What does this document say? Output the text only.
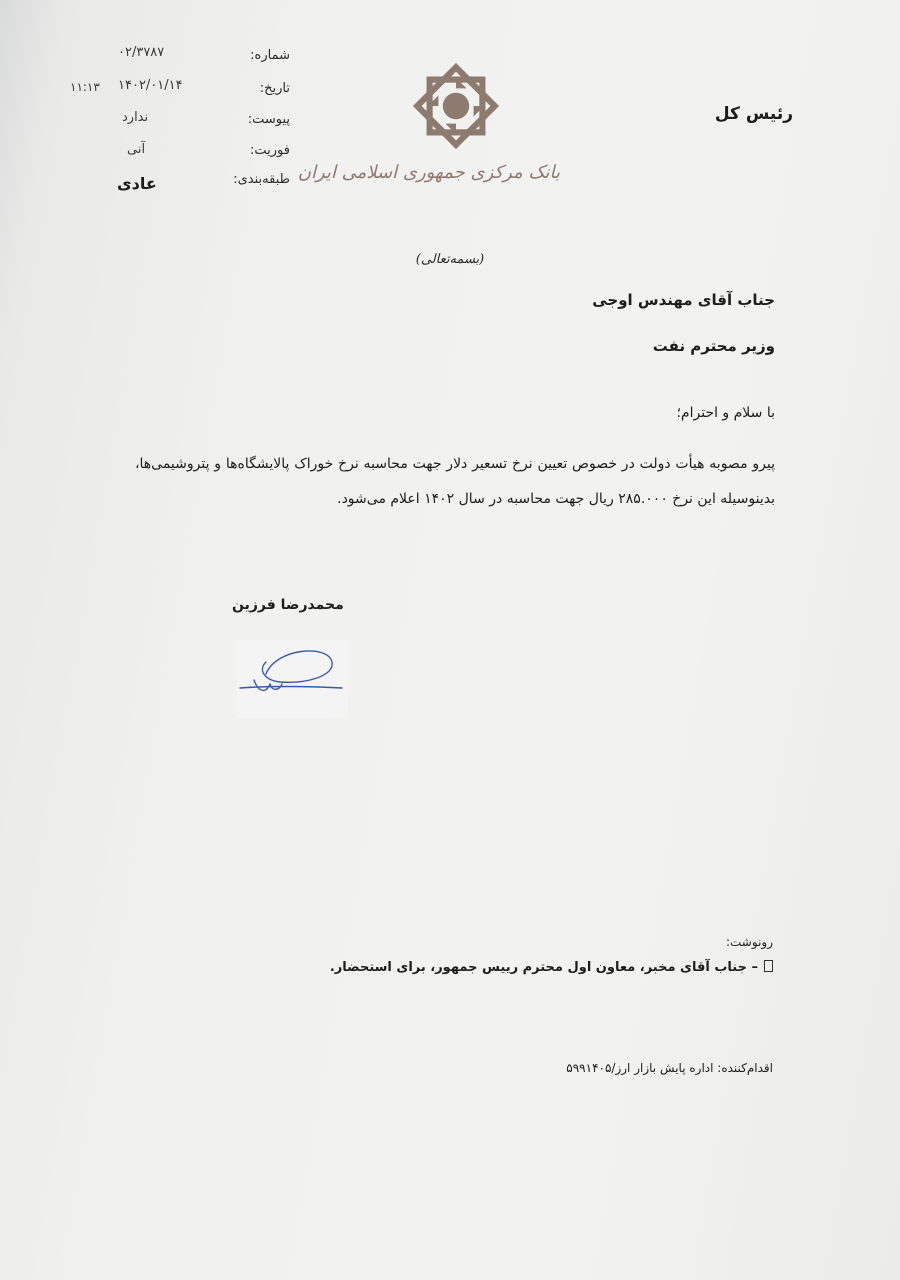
رئیس کل
بانک مرکزی جمهوری اسلامی ایران
شماره:
تاریخ:
پیوست:
فوریت:
طبقه‌بندی:
۰۲/۳۷۸۷
۱۴۰۲/۰۱/۱۴
۱۱:۱۳
ندارد
آنی
عادی
(بسمه‌تعالی)
جناب آقای مهندس اوجی
وزیر محترم نفت
با سلام و احترام؛
پیرو مصوبه هیأت دولت در خصوص تعیین نرخ تسعیر دلار جهت محاسبه نرخ خوراک پالایشگاه‌ها و پتروشیمی‌ها، بدینوسیله این نرخ ۲۸۵.۰۰۰ ریال جهت محاسبه در سال ۱۴۰۲ اعلام می‌شود.
محمدرضا فرزین
رونوشت:
– جناب آقای مخبر، معاون اول محترم ریيس جمهور، برای استحضار.
اقدام‌کننده: اداره پایش بازار ارز/۵۹۹۱۴۰۵
